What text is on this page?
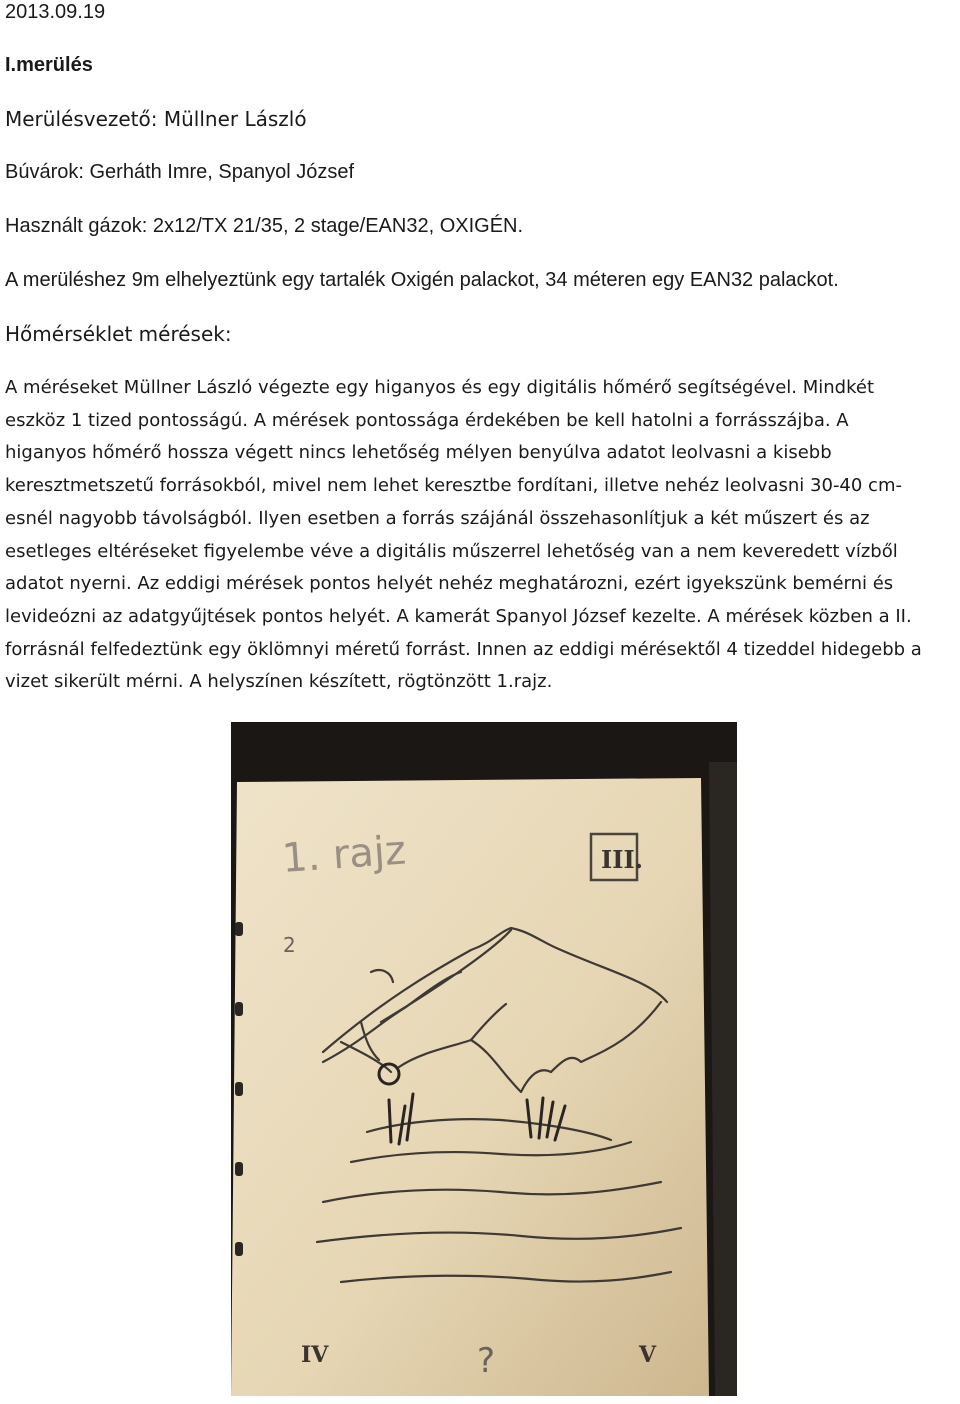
2013.09.19
I.merülés
Merülésvezető: Müllner László
Búvárok: Gerháth Imre, Spanyol József
Használt gázok: 2x12/TX 21/35, 2 stage/EAN32, OXIGÉN.
A merüléshez 9m elhelyeztünk egy tartalék Oxigén palackot, 34 méteren egy EAN32 palackot.
Hőmérséklet mérések:
A méréseket Müllner László végezte egy higanyos és egy digitális hőmérő segítségével. Mindkét
eszköz 1 tized pontosságú. A mérések pontossága érdekében be kell hatolni a forrásszájba. A
higanyos hőmérő hossza végett nincs lehetőség mélyen benyúlva adatot leolvasni a kisebb
keresztmetszetű forrásokból, mivel nem lehet keresztbe fordítani, illetve nehéz leolvasni 30-40 cm-
esnél nagyobb távolságból. Ilyen esetben a forrás szájánál összehasonlítjuk a két műszert és az
esetleges eltéréseket figyelembe véve a digitális műszerrel lehetőség van a nem keveredett vízből
adatot nyerni. Az eddigi mérések pontos helyét nehéz meghatározni, ezért igyekszünk bemérni és
levideózni az adatgyűjtések pontos helyét. A kamerát Spanyol József kezelte. A mérések közben a II.
forrásnál felfedeztünk egy öklömnyi méretű forrást. Innen az eddigi mérésektől 4 tizeddel hidegebb a
vizet sikerült mérni. A helyszínen készített, rögtönzött 1.rajz.
1. rajz	III.
2
IV	?	V
